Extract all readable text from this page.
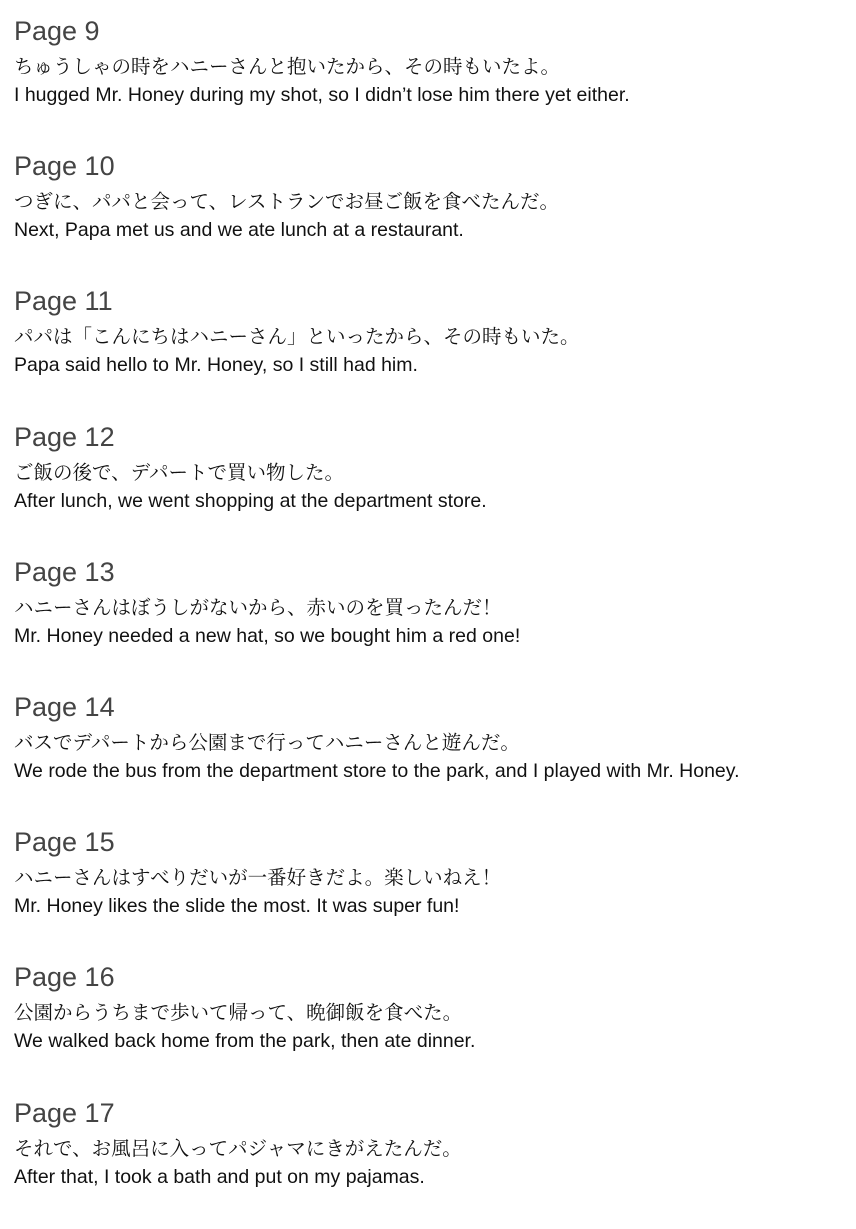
Page 9
ちゅうしゃの時をハニーさんと抱いたから、その時もいたよ。
I hugged Mr. Honey during my shot, so I didn’t lose him there yet either.
Page 10
つぎに、パパと会って、レストランでお昼ご飯を食べたんだ。
Next, Papa met us and we ate lunch at a restaurant.
Page 11
パパは「こんにちはハニーさん」といったから、その時もいた。
Papa said hello to Mr. Honey, so I still had him.
Page 12
ご飯の後で、デパートで買い物した。
After lunch, we went shopping at the department store.
Page 13
ハニーさんはぼうしがないから、赤いのを買ったんだ！
Mr. Honey needed a new hat, so we bought him a red one!
Page 14
バスでデパートから公園まで行ってハニーさんと遊んだ。
We rode the bus from the department store to the park, and I played with Mr. Honey.
Page 15
ハニーさんはすべりだいが一番好きだよ。楽しいねえ！
Mr. Honey likes the slide the most. It was super fun!
Page 16
公園からうちまで歩いて帰って、晩御飯を食べた。
We walked back home from the park, then ate dinner.
Page 17
それで、お風呂に入ってパジャマにきがえたんだ。
After that, I took a bath and put on my pajamas.
